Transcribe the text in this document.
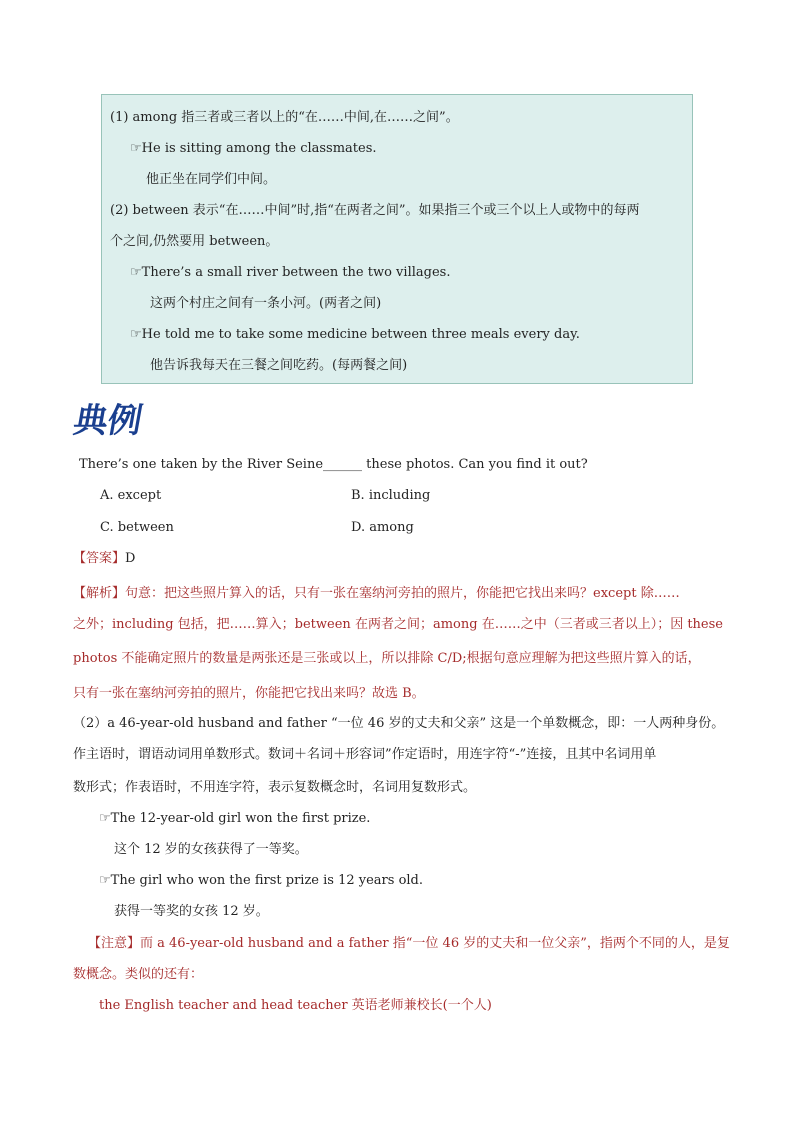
(1) among 指三者或三者以上的“在……中间,在……之间”。
☞He is sitting among the classmates.
他正坐在同学们中间。
(2) between 表示“在……中间”时,指“在两者之间”。如果指三个或三个以上人或物中的每两
个之间,仍然要用 between。
☞There’s a small river between the two villages.
这两个村庄之间有一条小河。(两者之间)
☞He told me to take some medicine between three meals every day.
他告诉我每天在三餐之间吃药。(每两餐之间)
典例
There’s one taken by the River Seine______ these photos. Can you find it out?
A. except	B. including
C. between	D. among
【答案】D
【解析】句意：把这些照片算入的话，只有一张在塞纳河旁拍的照片，你能把它找出来吗？except 除……
之外；including 包括，把……算入；between 在两者之间；among 在……之中（三者或三者以上）；因 these
photos 不能确定照片的数量是两张还是三张或以上，所以排除 C/D;根据句意应理解为把这些照片算入的话，
只有一张在塞纳河旁拍的照片，你能把它找出来吗？故选 B。
（2）a 46-year-old husband and father “一位 46 岁的丈夫和父亲” 这是一个单数概念，即：一人两种身份。
作主语时，谓语动词用单数形式。数词＋名词＋形容词”作定语时，用连字符“-”连接，且其中名词用单
数形式；作表语时，不用连字符，表示复数概念时，名词用复数形式。
☞The 12-year-old girl won the first prize.
这个 12 岁的女孩获得了一等奖。
☞The girl who won the first prize is 12 years old.
获得一等奖的女孩 12 岁。
【注意】而 a 46-year-old husband and a father 指“一位 46 岁的丈夫和一位父亲”，指两个不同的人，是复
数概念。类似的还有：
the English teacher and head teacher 英语老师兼校长(一个人)
